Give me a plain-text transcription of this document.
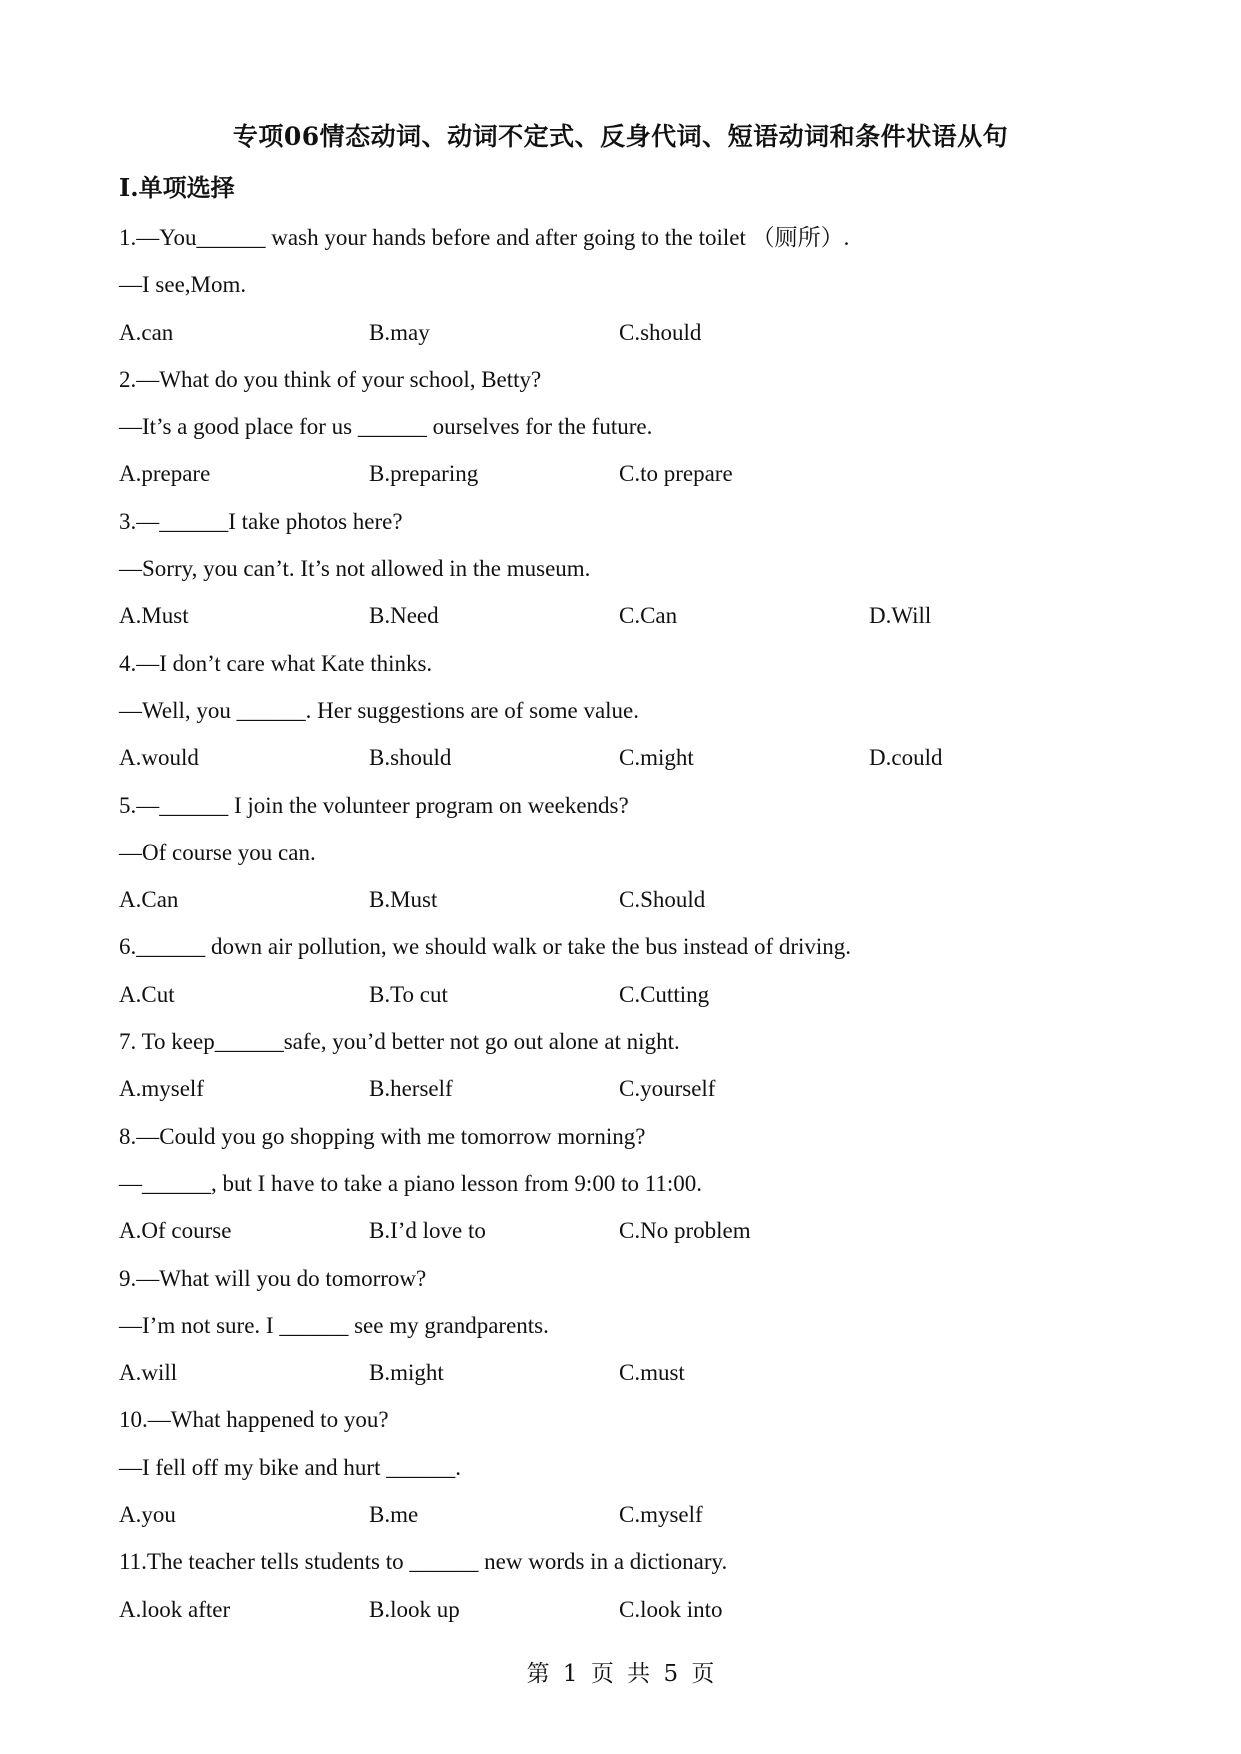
专项06情态动词、动词不定式、反身代词、短语动词和条件状语从句
I.单项选择
1.—You______ wash your hands before and after going to the toilet （厕所）.
—I see,Mom.
A.can	B.may	C.should
2.—What do you think of your school, Betty?
—It’s a good place for us ______ ourselves for the future.
A.prepare	B.preparing	C.to prepare
3.—______I take photos here?
—Sorry, you can’t. It’s not allowed in the museum.
A.Must	B.Need	C.Can	D.Will
4.—I don’t care what Kate thinks.
—Well, you ______. Her suggestions are of some value.
A.would	B.should	C.might	D.could
5.—______ I join the volunteer program on weekends?
—Of course you can.
A.Can	B.Must	C.Should
6.______ down air pollution, we should walk or take the bus instead of driving.
A.Cut	B.To cut	C.Cutting
7. To keep______safe, you’d better not go out alone at night.
A.myself	B.herself	C.yourself
8.—Could you go shopping with me tomorrow morning?
—______, but I have to take a piano lesson from 9:00 to 11:00.
A.Of course	B.I’d love to	C.No problem
9.—What will you do tomorrow?
—I’m not sure. I ______ see my grandparents.
A.will	B.might	C.must
10.—What happened to you?
—I fell off my bike and hurt ______.
A.you	B.me	C.myself
11.The teacher tells students to ______ new words in a dictionary.
A.look after	B.look up	C.look into
第 1 页 共 5 页
